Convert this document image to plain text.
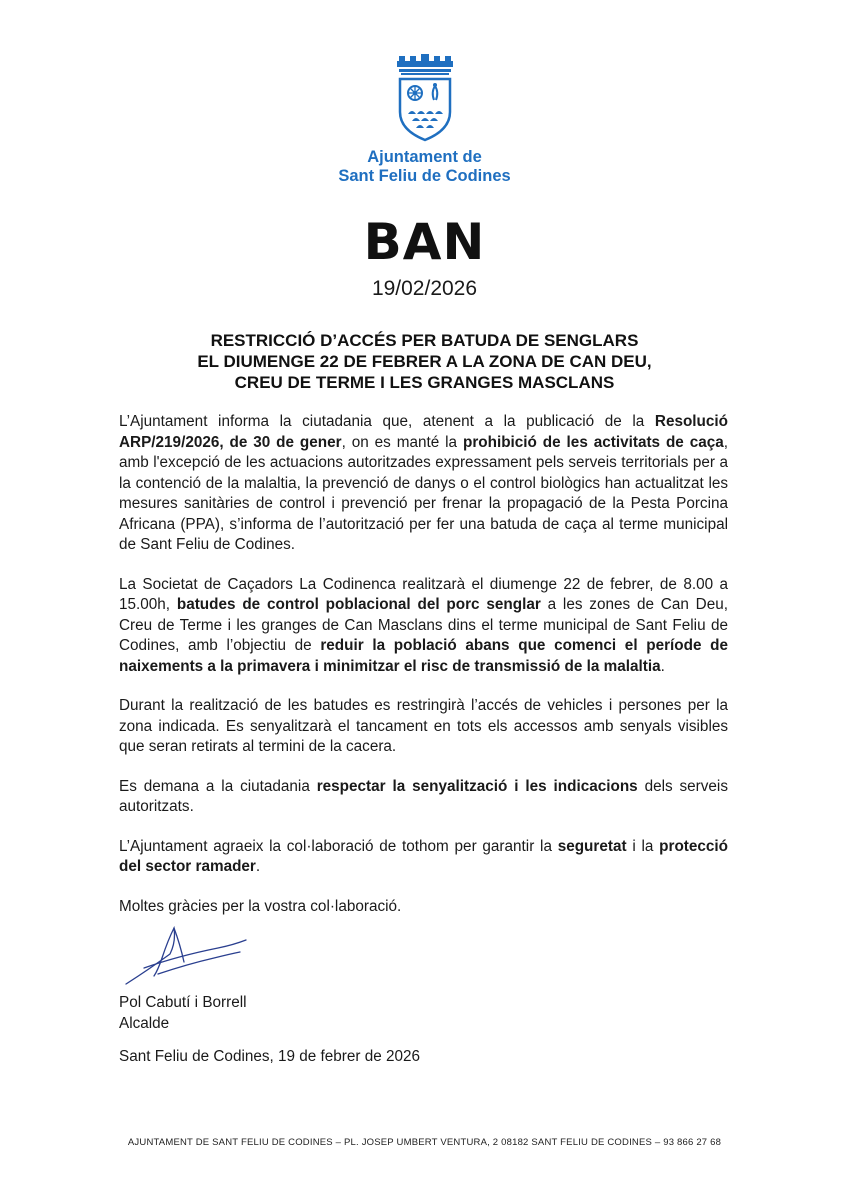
Ajuntament de
Sant Feliu de Codines
BAN
19/02/2026
RESTRICCIÓ D’ACCÉS PER BATUDA DE SENGLARS
EL DIUMENGE 22 DE FEBRER A LA ZONA DE CAN DEU,
CREU DE TERME I LES GRANGES MASCLANS

L’Ajuntament informa la ciutadania que, atenent a la publicació de la Resolució ARP/219/2026, de 30 de gener, on es manté la prohibició de les activitats de caça, amb l'excepció de les actuacions autoritzades expressament pels serveis territorials per a la contenció de la malaltia, la prevenció de danys o el control biològics han actualitzat les mesures sanitàries de control i prevenció per frenar la propagació de la Pesta Porcina Africana (PPA), s’informa de l’autorització per fer una batuda de caça al terme municipal de Sant Feliu de Codines.

La Societat de Caçadors La Codinenca realitzarà el diumenge 22 de febrer, de 8.00 a 15.00h, batudes de control poblacional del porc senglar a les zones de Can Deu, Creu de Terme i les granges de Can Masclans dins el terme municipal de Sant Feliu de Codines, amb l’objectiu de reduir la població abans que comenci el període de naixements a la primavera i minimitzar el risc de transmissió de la malaltia.

Durant la realització de les batudes es restringirà l’accés de vehicles i persones per la zona indicada. Es senyalitzarà el tancament en tots els accessos amb senyals visibles que seran retirats al termini de la cacera.

Es demana a la ciutadania respectar la senyalització i les indicacions dels serveis autoritzats.

L’Ajuntament agraeix la col·laboració de tothom per garantir la seguretat i la protecció del sector ramader.

Moltes gràcies per la vostra col·laboració.

Pol Cabutí i Borrell
Alcalde
Sant Feliu de Codines, 19 de febrer de 2026
AJUNTAMENT DE SANT FELIU DE CODINES – PL. JOSEP UMBERT VENTURA, 2 08182 SANT FELIU DE CODINES – 93 866 27 68
